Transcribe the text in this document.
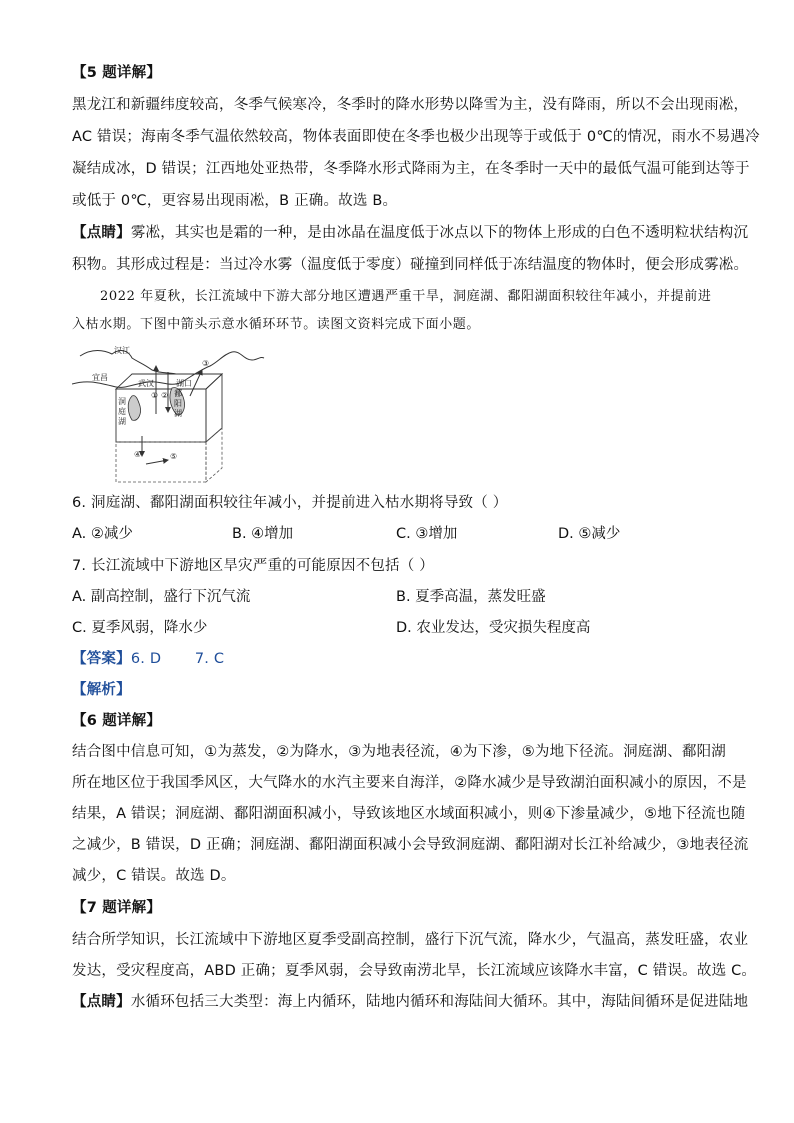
【5 题详解】
黑龙江和新疆纬度较高，冬季气候寒冷，冬季时的降水形势以降雪为主，没有降雨，所以不会出现雨凇，
AC 错误；海南冬季气温依然较高，物体表面即使在冬季也极少出现等于或低于 0℃的情况，雨水不易遇冷
凝结成冰，D 错误；江西地处亚热带，冬季降水形式降雨为主，在冬季时一天中的最低气温可能到达等于
或低于 0℃，更容易出现雨凇，B 正确。故选 B。
【点睛】雾凇，其实也是霜的一种，是由冰晶在温度低于冰点以下的物体上形成的白色不透明粒状结构沉
积物。其形成过程是：当过冷水雾（温度低于零度）碰撞到同样低于冻结温度的物体时，便会形成雾凇。
2022 年夏秋，长江流域中下游大部分地区遭遇严重干旱，洞庭湖、鄱阳湖面积较往年减小，并提前进
入枯水期。下图中箭头示意水循环环节。读图文资料完成下面小题。
汉江
宜昌
武汉	湖口
洞 庭 湖
鄱 阳 湖
③
① ②
④	⑤
6. 洞庭湖、鄱阳湖面积较往年减小，并提前进入枯水期将导致（ ）
A. ②减少	B. ④增加	C. ③增加	D. ⑤减少
7. 长江流域中下游地区旱灾严重的可能原因不包括（ ）
A. 副高控制，盛行下沉气流	B. 夏季高温，蒸发旺盛
C. 夏季风弱，降水少	D. 农业发达，受灾损失程度高
【答案】6. D       7. C
【解析】
【6 题详解】
结合图中信息可知，①为蒸发，②为降水，③为地表径流，④为下渗，⑤为地下径流。洞庭湖、鄱阳湖
所在地区位于我国季风区，大气降水的水汽主要来自海洋，②降水减少是导致湖泊面积减小的原因，不是
结果，A 错误；洞庭湖、鄱阳湖面积减小，导致该地区水域面积减小，则④下渗量减少，⑤地下径流也随
之减少，B 错误，D 正确；洞庭湖、鄱阳湖面积减小会导致洞庭湖、鄱阳湖对长江补给减少，③地表径流
减少，C 错误。故选 D。
【7 题详解】
结合所学知识，长江流域中下游地区夏季受副高控制，盛行下沉气流，降水少，气温高，蒸发旺盛，农业
发达，受灾程度高，ABD 正确；夏季风弱，会导致南涝北旱，长江流域应该降水丰富，C 错误。故选 C。
【点睛】水循环包括三大类型：海上内循环，陆地内循环和海陆间大循环。其中，海陆间循环是促进陆地
